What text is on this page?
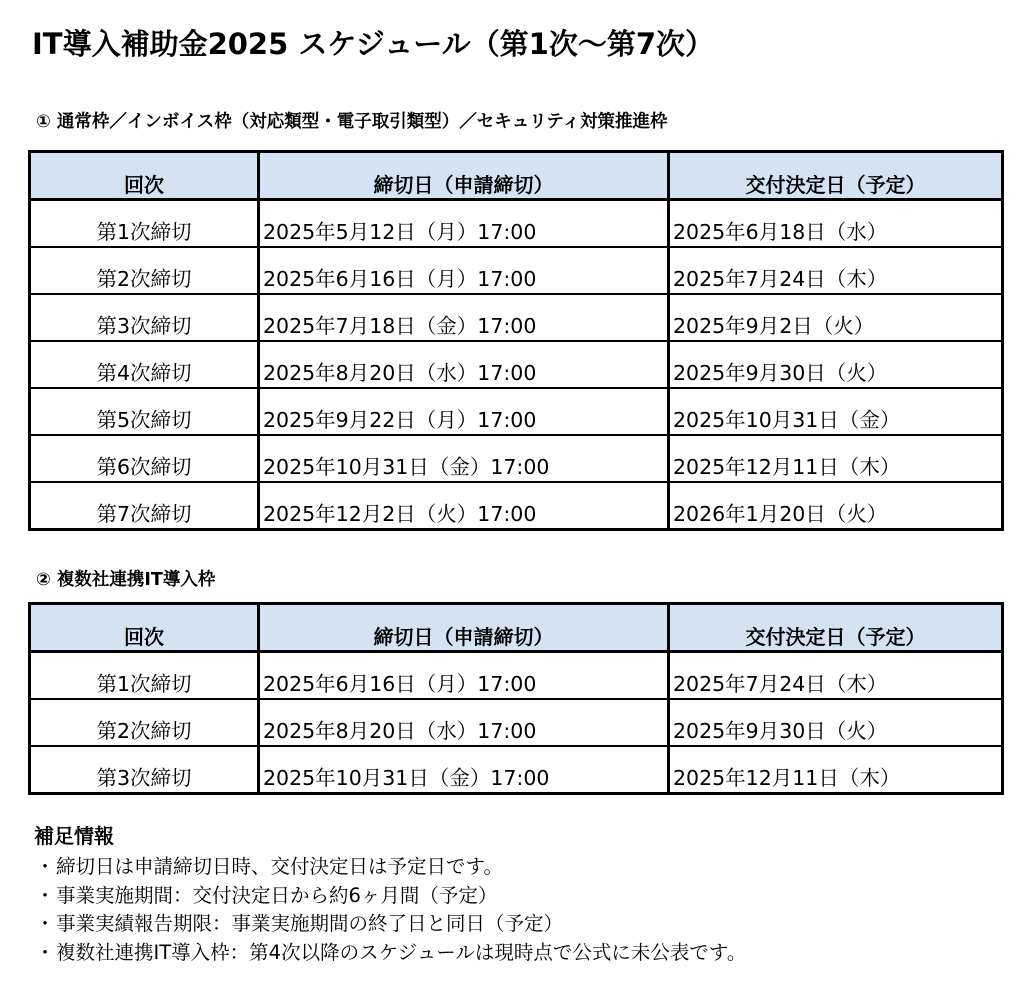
IT導入補助金2025 スケジュール（第1次～第7次）
① 通常枠／インボイス枠（対応類型・電子取引類型）／セキュリティ対策推進枠
回次	締切日（申請締切）	交付決定日（予定）

第1次締切	2025年5月12日（月）17:00	2025年6月18日（水）

第2次締切	2025年6月16日（月）17:00	2025年7月24日（木）

第3次締切	2025年7月18日（金）17:00	2025年9月2日（火）

第4次締切	2025年8月20日（水）17:00	2025年9月30日（火）

第5次締切	2025年9月22日（月）17:00	2025年10月31日（金）

第6次締切	2025年10月31日（金）17:00	2025年12月11日（木）

第7次締切	2025年12月2日（火）17:00	2026年1月20日（火）
② 複数社連携IT導入枠
回次	締切日（申請締切）	交付決定日（予定）

第1次締切	2025年6月16日（月）17:00	2025年7月24日（木）

第2次締切	2025年8月20日（水）17:00	2025年9月30日（火）

第3次締切	2025年10月31日（金）17:00	2025年12月11日（木）
補足情報
・締切日は申請締切日時、交付決定日は予定日です。
・事業実施期間：交付決定日から約6ヶ月間（予定）
・事業実績報告期限：事業実施期間の終了日と同日（予定）
・複数社連携IT導入枠：第4次以降のスケジュールは現時点で公式に未公表です。
